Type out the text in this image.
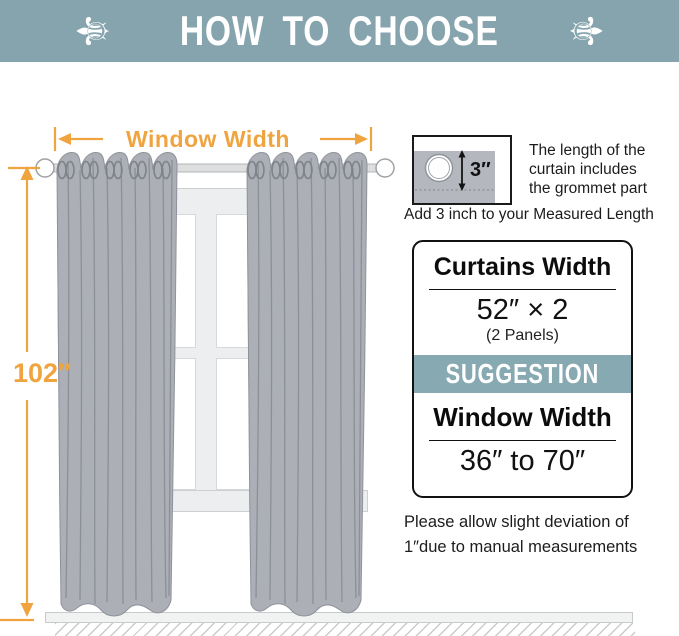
⚜ HOW TO CHOOSE ⚜
Window Width
102″
3″
The length of the
curtain includes
the grommet part
Add 3 inch to your Measured Length
Curtains Width
52″ × 2
(2 Panels)
SUGGESTION
Window Width
36″ to 70″
Please allow slight deviation of
1″due to manual measurements
